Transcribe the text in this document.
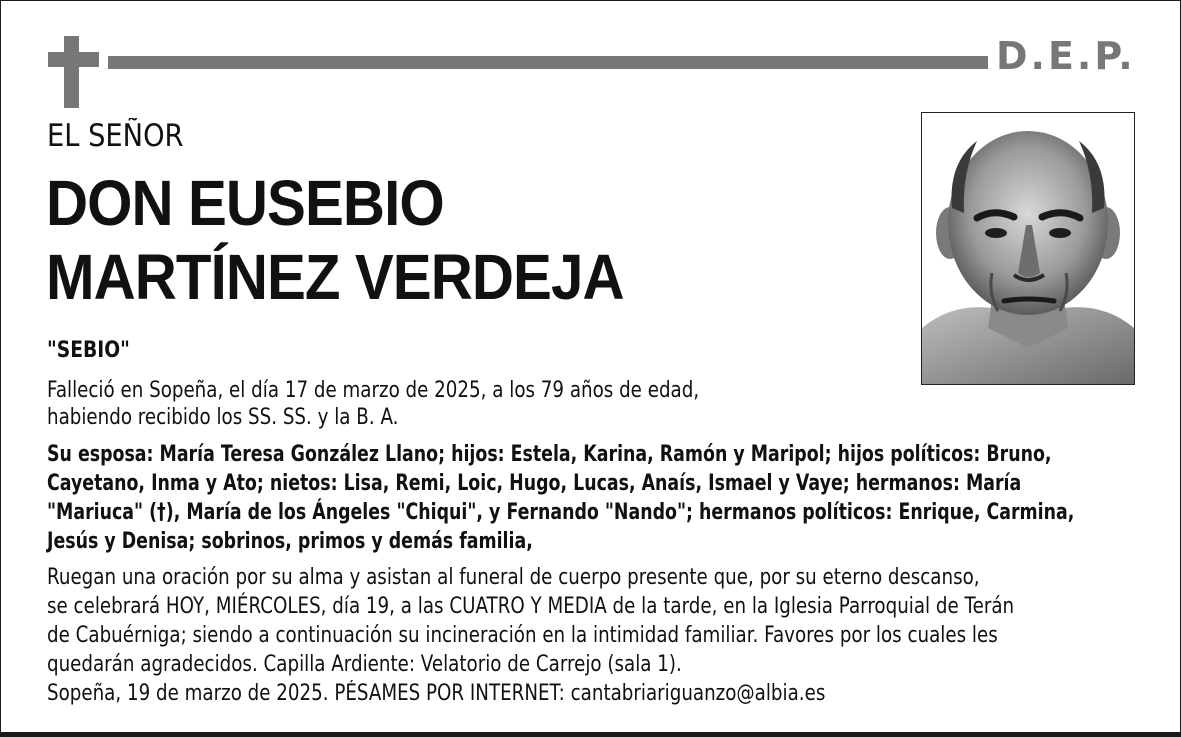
D.E.P.
EL SEÑOR
DON EUSEBIO
MARTÍNEZ VERDEJA
"SEBIO"
Falleció en Sopeña, el día 17 de marzo de 2025, a los 79 años de edad,
habiendo recibido los SS. SS. y la B. A.
Su esposa: María Teresa González Llano; hijos: Estela, Karina, Ramón y Maripol; hijos políticos: Bruno,
Cayetano, Inma y Ato; nietos: Lisa, Remi, Loic, Hugo, Lucas, Anaís, Ismael y Vaye; hermanos: María
"Mariuca" (†), María de los Ángeles "Chiqui", y Fernando "Nando"; hermanos políticos: Enrique, Carmina,
Jesús y Denisa; sobrinos, primos y demás familia,
Ruegan una oración por su alma y asistan al funeral de cuerpo presente que, por su eterno descanso,
se celebrará HOY, MIÉRCOLES, día 19, a las CUATRO Y MEDIA de la tarde, en la Iglesia Parroquial de Terán
de Cabuérniga; siendo a continuación su incineración en la intimidad familiar. Favores por los cuales les
quedarán agradecidos. Capilla Ardiente: Velatorio de Carrejo (sala 1).
Sopeña, 19 de marzo de 2025. PÉSAMES POR INTERNET: cantabriariguanzo@albia.es
